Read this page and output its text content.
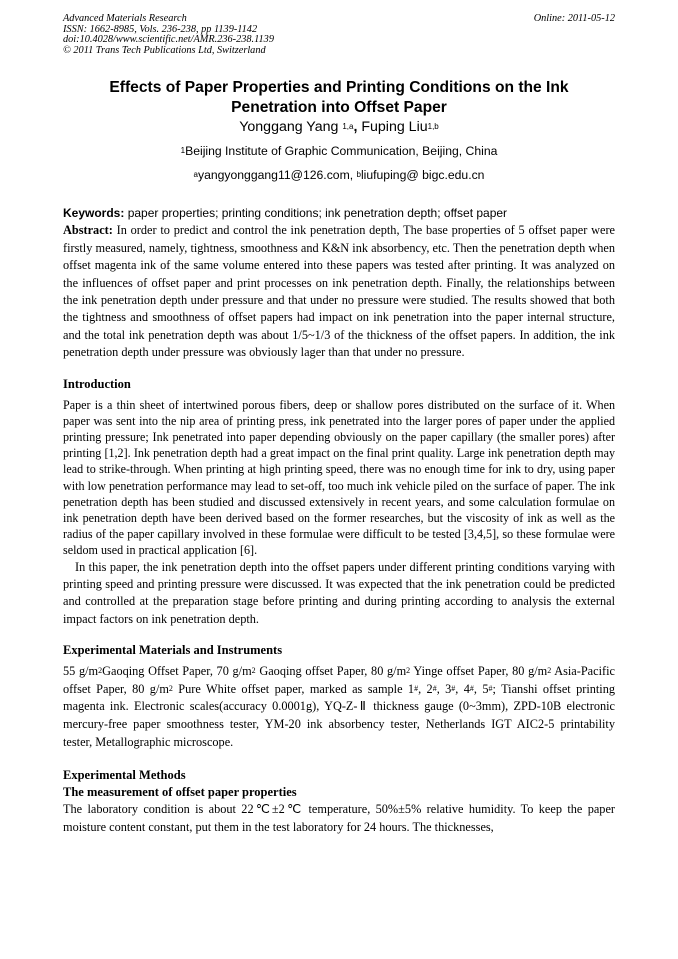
Advanced Materials Research
ISSN: 1662-8985, Vols. 236-238, pp 1139-1142
doi:10.4028/www.scientific.net/AMR.236-238.1139
© 2011 Trans Tech Publications Ltd, Switzerland
Online: 2011-05-12
Effects of Paper Properties and Printing Conditions on the Ink
Penetration into Offset Paper
Yonggang Yang $^{1,a}$, Fuping Liu$^{1,b}$
$^1$Beijing Institute of Graphic Communication, Beijing, China
$^a$yangyonggang11@126.com, $^b$liufuping@ bigc.edu.cn
Keywords: paper properties; printing conditions; ink penetration depth; offset paper

Abstract: In order to predict and control the ink penetration depth, The base properties of 5 offset paper were firstly measured, namely, tightness, smoothness and K&N ink absorbency, etc. Then the penetration depth when offset magenta ink of the same volume entered into these papers was tested after printing. It was analyzed on the influences of offset paper and print processes on ink penetration depth. Finally, the relationships between the ink penetration depth under pressure and that under no pressure were studied. The results showed that both the tightness and smoothness of offset papers had impact on ink penetration into the paper internal structure, and the total ink penetration depth was about 1/5~1/3 of the thickness of the offset papers. In addition, the ink penetration depth under pressure was obviously lager than that under no pressure.

Introduction

Paper is a thin sheet of intertwined porous fibers, deep or shallow pores distributed on the surface of it. When paper was sent into the nip area of printing press, ink penetrated into the larger pores of paper under the applied printing pressure; Ink penetrated into paper depending obviously on the paper capillary (the smaller pores) after printing [1,2]. Ink penetration depth had a great impact on the final print quality. Large ink penetration depth may lead to strike-through. When printing at high printing speed, there was no enough time for ink to dry, using paper with low penetration performance may lead to set-off, too much ink vehicle piled on the surface of paper. The ink penetration depth has been studied and discussed extensively in recent years, and some calculation formulae on ink penetration depth have been derived based on the former researches, but the viscosity of ink as well as the radius of the paper capillary involved in these formulae were difficult to be tested [3,4,5], so these formulae were seldom used in practical application [6].

In this paper, the ink penetration depth into the offset papers under different printing conditions varying with printing speed and printing pressure were discussed. It was expected that the ink penetration could be predicted and controlled at the preparation stage before printing and during printing according to analysis the external impact factors on ink penetration depth.

Experimental Materials and Instruments

55 $g/m^2Gaoqing$ Offset Paper, 70 $g/m^2$ Gaoqing offset Paper, 80 $g/m^2$ Yinge offset Paper, 80 $g/m^2$ Asia-Pacific offset Paper, 80 $g/m^2$ Pure White offset paper, marked as sample 1#, 2#, 3#, 4#, 5#; Tianshi offset printing magenta ink. Electronic scales(accuracy 0.0001g), YQ-Z-Ⅱ thickness gauge (0~3mm), ZPD-10B electronic mercury-free paper smoothness tester, YM-20 ink absorbency tester, Netherlands IGT AIC2-5 printability tester, Metallographic microscope.

Experimental Methods

The measurement of offset paper properties

The laboratory condition is about 22℃±2℃ temperature, 50%±5% relative humidity. To keep the paper moisture content constant, put them in the test laboratory for 24 hours. The thicknesses,
